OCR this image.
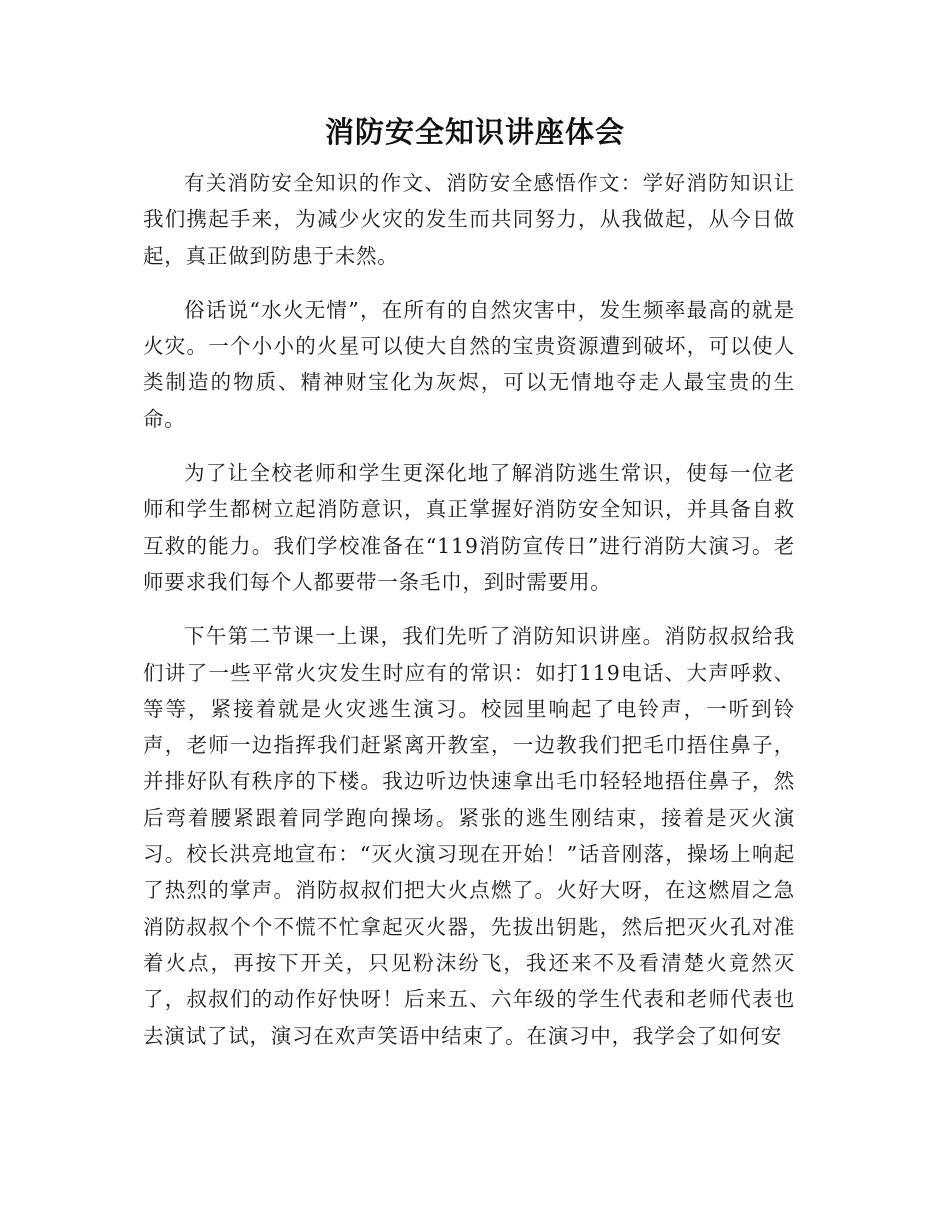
消防安全知识讲座体会

有关消防安全知识的作文、消防安全感悟作文：学好消防知识让我们携起手来，为减少火灾的发生而共同努力，从我做起，从今日做起，真正做到防患于未然。

俗话说“水火无情”，在所有的自然灾害中，发生频率最高的就是火灾。一个小小的火星可以使大自然的宝贵资源遭到破坏，可以使人类制造的物质、精神财宝化为灰烬，可以无情地夺走人最宝贵的生命。

为了让全校老师和学生更深化地了解消防逃生常识，使每一位老师和学生都树立起消防意识，真正掌握好消防安全知识，并具备自救互救的能力。我们学校准备在“119消防宣传日”进行消防大演习。老师要求我们每个人都要带一条毛巾，到时需要用。

下午第二节课一上课，我们先听了消防知识讲座。消防叔叔给我们讲了一些平常火灾发生时应有的常识：如打119电话、大声呼救、等等，紧接着就是火灾逃生演习。校园里响起了电铃声，一听到铃声，老师一边指挥我们赶紧离开教室，一边教我们把毛巾捂住鼻子，并排好队有秩序的下楼。我边听边快速拿出毛巾轻轻地捂住鼻子，然后弯着腰紧跟着同学跑向操场。紧张的逃生刚结束，接着是灭火演习。校长洪亮地宣布：“灭火演习现在开始！”话音刚落，操场上响起了热烈的掌声。消防叔叔们把大火点燃了。火好大呀，在这燃眉之急消防叔叔个个不慌不忙拿起灭火器，先拔出钥匙，然后把灭火孔对准着火点，再按下开关，只见粉沫纷飞，我还来不及看清楚火竟然灭了，叔叔们的动作好快呀！后来五、六年级的学生代表和老师代表也去演试了试，演习在欢声笑语中结束了。在演习中，我学会了如何安
